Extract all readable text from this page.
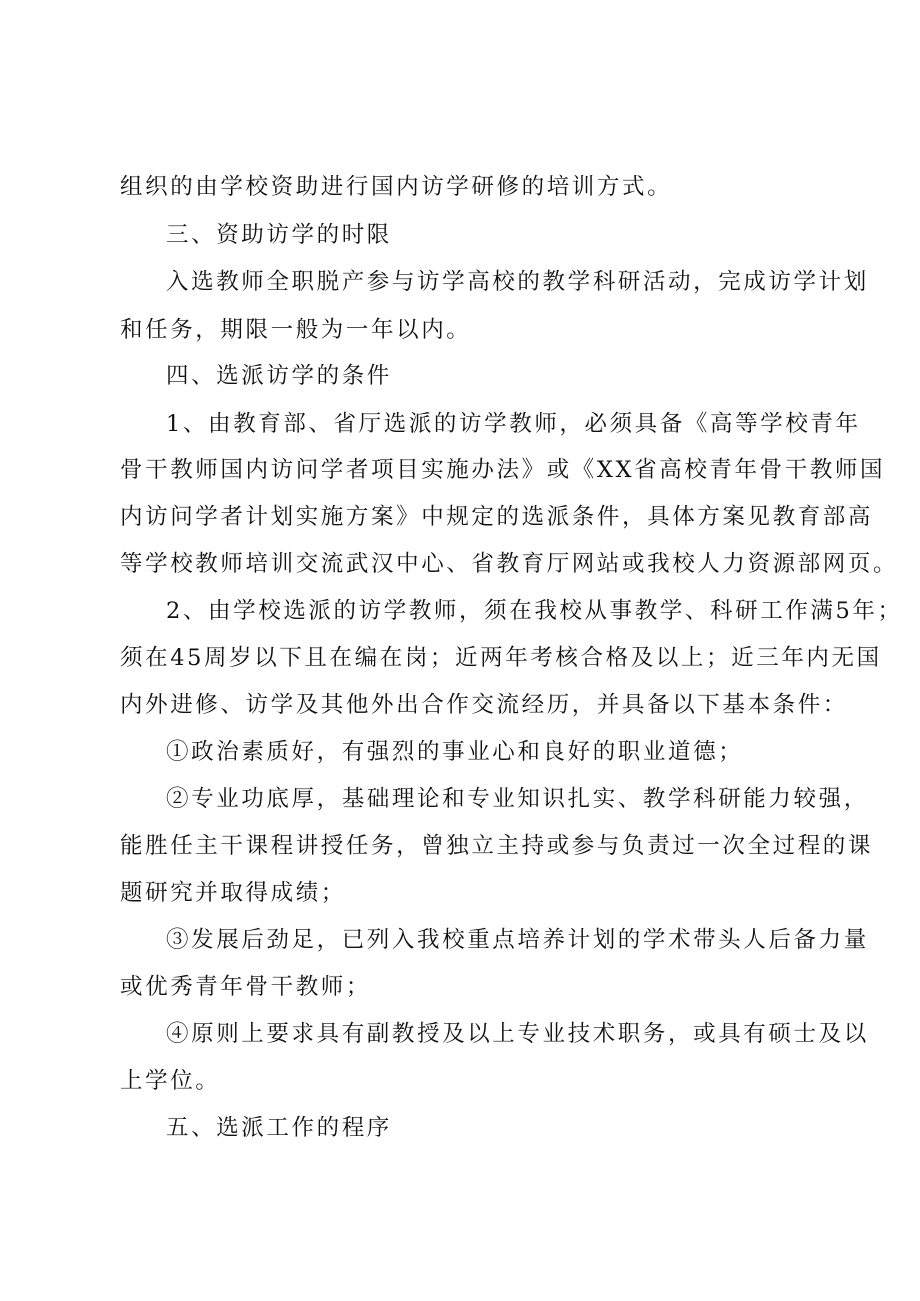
组织的由学校资助进行国内访学研修的培训方式。
三、资助访学的时限
入选教师全职脱产参与访学高校的教学科研活动，完成访学计划
和任务，期限一般为一年以内。
四、选派访学的条件
1、由教育部、省厅选派的访学教师，必须具备《高等学校青年
骨干教师国内访问学者项目实施办法》或《XX省高校青年骨干教师国
内访问学者计划实施方案》中规定的选派条件，具体方案见教育部高
等学校教师培训交流武汉中心、省教育厅网站或我校人力资源部网页。
2、由学校选派的访学教师，须在我校从事教学、科研工作满5年；
须在45周岁以下且在编在岗；近两年考核合格及以上；近三年内无国
内外进修、访学及其他外出合作交流经历，并具备以下基本条件：
①政治素质好，有强烈的事业心和良好的职业道德；
②专业功底厚，基础理论和专业知识扎实、教学科研能力较强，
能胜任主干课程讲授任务，曾独立主持或参与负责过一次全过程的课
题研究并取得成绩；
③发展后劲足，已列入我校重点培养计划的学术带头人后备力量
或优秀青年骨干教师；
④原则上要求具有副教授及以上专业技术职务，或具有硕士及以
上学位。
五、选派工作的程序
